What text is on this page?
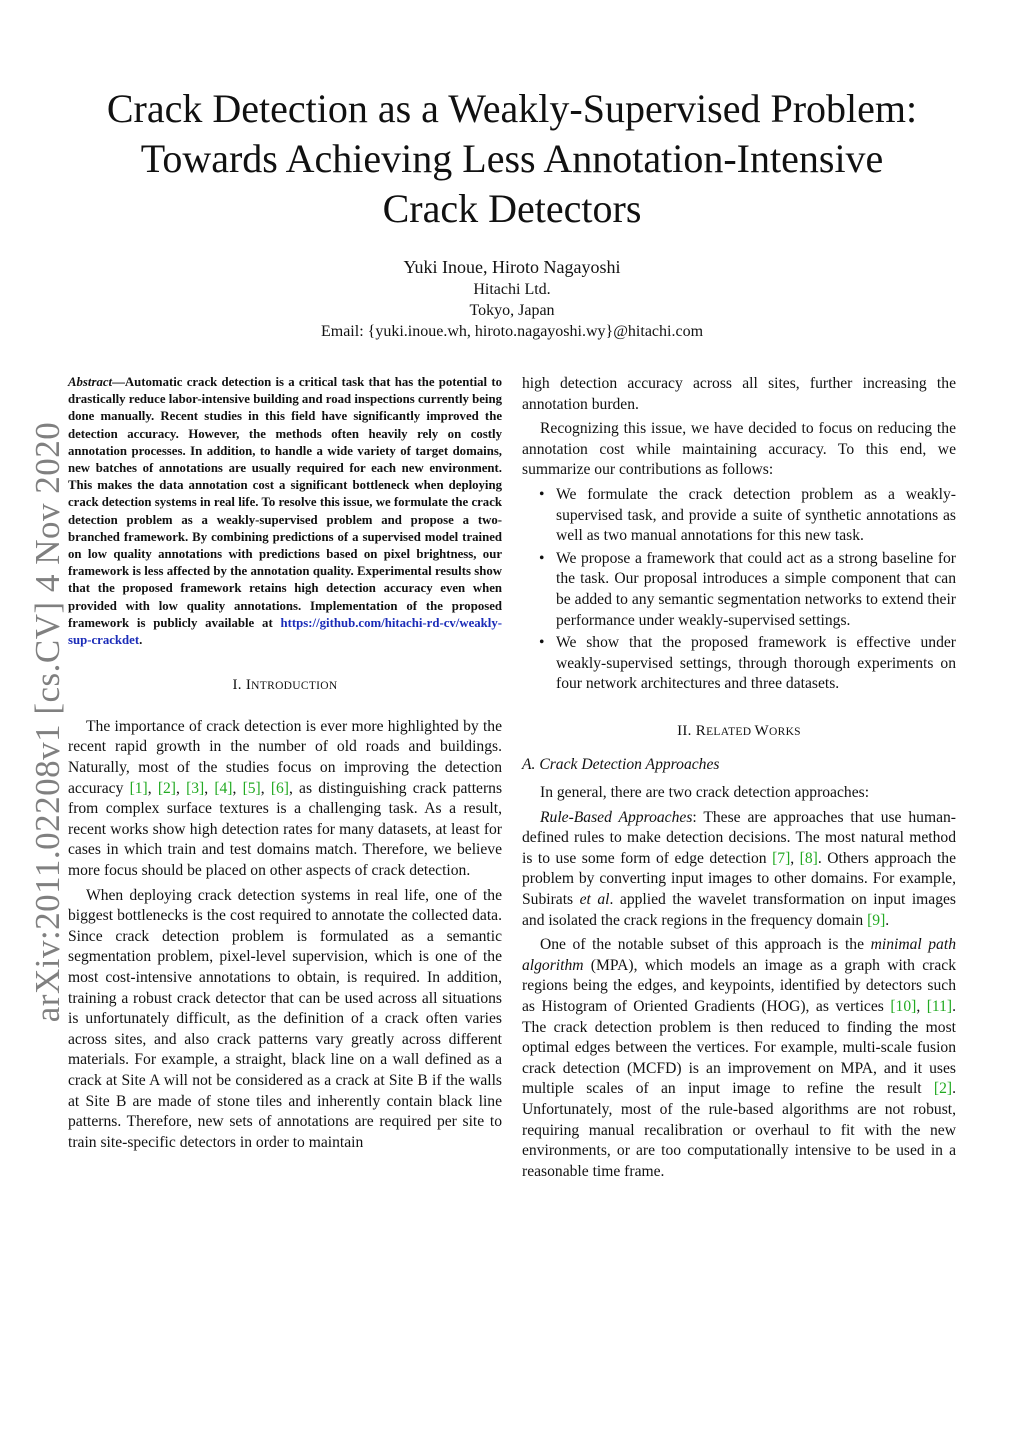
arXiv:2011.02208v1 [cs.CV] 4 Nov 2020
Crack Detection as a Weakly-Supervised Problem:
Towards Achieving Less Annotation-Intensive
Crack Detectors
Yuki Inoue, Hiroto Nagayoshi
Hitachi Ltd.
Tokyo, Japan
Email: {yuki.inoue.wh, hiroto.nagayoshi.wy}@hitachi.com
Abstract—Automatic crack detection is a critical task that has the potential to drastically reduce labor-intensive building and road inspections currently being done manually. Recent studies in this field have significantly improved the detection accuracy. However, the methods often heavily rely on costly annotation processes. In addition, to handle a wide variety of target domains, new batches of annotations are usually required for each new environment. This makes the data annotation cost a significant bottleneck when deploying crack detection systems in real life. To resolve this issue, we formulate the crack detection problem as a weakly-supervised problem and propose a two-branched framework. By combining predictions of a supervised model trained on low quality annotations with predictions based on pixel brightness, our framework is less affected by the annotation quality. Experimental results show that the proposed framework retains high detection accuracy even when provided with low quality annotations. Implementation of the proposed framework is publicly available at https://github.com/hitachi-rd-cv/weakly-sup-crackdet.
I. INTRODUCTION

The importance of crack detection is ever more highlighted by the recent rapid growth in the number of old roads and buildings. Naturally, most of the studies focus on improving the detection accuracy [1], [2], [3], [4], [5], [6], as distinguishing crack patterns from complex surface textures is a challenging task. As a result, recent works show high detection rates for many datasets, at least for cases in which train and test domains match. Therefore, we believe more focus should be placed on other aspects of crack detection.

When deploying crack detection systems in real life, one of the biggest bottlenecks is the cost required to annotate the collected data. Since crack detection problem is formulated as a semantic segmentation problem, pixel-level supervision, which is one of the most cost-intensive annotations to obtain, is required. In addition, training a robust crack detector that can be used across all situations is unfortunately difficult, as the definition of a crack often varies across sites, and also crack patterns vary greatly across different materials. For example, a straight, black line on a wall defined as a crack at Site A will not be considered as a crack at Site B if the walls at Site B are made of stone tiles and inherently contain black line patterns. Therefore, new sets of annotations are required per site to train site-specific detectors in order to maintain

high detection accuracy across all sites, further increasing the annotation burden.

Recognizing this issue, we have decided to focus on reducing the annotation cost while maintaining accuracy. To this end, we summarize our contributions as follows:

• We formulate the crack detection problem as a weakly-supervised task, and provide a suite of synthetic annotations as well as two manual annotations for this new task.
• We propose a framework that could act as a strong baseline for the task. Our proposal introduces a simple component that can be added to any semantic segmentation networks to extend their performance under weakly-supervised settings.
• We show that the proposed framework is effective under weakly-supervised settings, through thorough experiments on four network architectures and three datasets.
II. RELATED WORKS
A. Crack Detection Approaches

In general, there are two crack detection approaches:

Rule-Based Approaches: These are approaches that use human-defined rules to make detection decisions. The most natural method is to use some form of edge detection [7], [8]. Others approach the problem by converting input images to other domains. For example, Subirats et al. applied the wavelet transformation on input images and isolated the crack regions in the frequency domain [9].

One of the notable subset of this approach is the minimal path algorithm (MPA), which models an image as a graph with crack regions being the edges, and keypoints, identified by detectors such as Histogram of Oriented Gradients (HOG), as vertices [10], [11]. The crack detection problem is then reduced to finding the most optimal edges between the vertices. For example, multi-scale fusion crack detection (MCFD) is an improvement on MPA, and it uses multiple scales of an input image to refine the result [2]. Unfortunately, most of the rule-based algorithms are not robust, requiring manual recalibration or overhaul to fit with the new environments, or are too computationally intensive to be used in a reasonable time frame.
